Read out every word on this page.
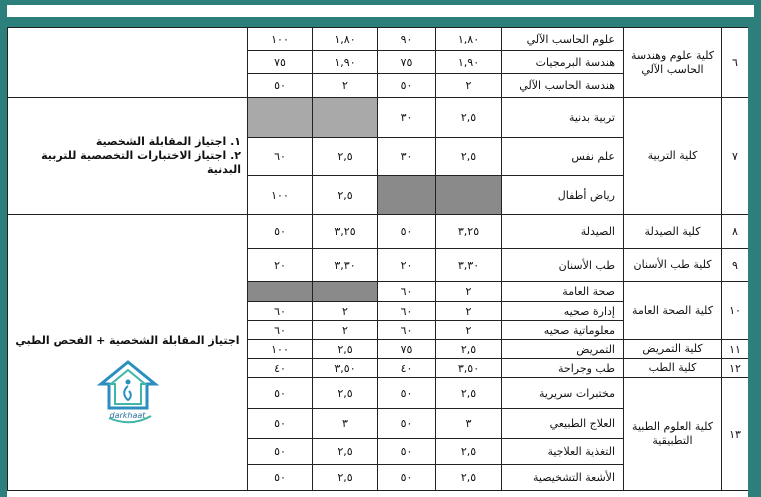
٦	كلية علوم وهندسة الحاسب الآلي	علوم الحاسب الآلي	١,٨٠	٩٠	١,٨٠	١٠٠	
		هندسة البرمجيات	١,٩٠	٧٥	١,٩٠	٧٥	
		هندسة الحاسب الآلي	٢	٥٠	٢	٥٠	
٧	كلية التربية	تربية بدنية	٢,٥	٣٠			١. اجتياز المقابلة الشخصية
٢. اجتياز الاختبارات التخصصية للتربية البدنية

		علم نفس	٢,٥	٣٠	٢,٥	٦٠	
		رياض أطفال			٢,٥	١٠٠	
٨	كلية الصيدلة	الصيدلة	٣,٢٥	٥٠	٣,٢٥	٥٠	اجتياز المقابلة الشخصية + الفحص الطبي
darkhaat

٩	كلية طب الأسنان	طب الأسنان	٣,٣٠	٢٠	٣,٣٠	٢٠	
١٠	كلية الصحة العامة	صحة العامة	٢	٦٠			
		إدارة صحيه	٢	٦٠	٢	٦٠	
		معلوماتية صحيه	٢	٦٠	٢	٦٠	
١١	كلية التمريض	التمريض	٢,٥	٧٥	٢,٥	١٠٠	
١٢	كلية الطب	طب وجراحة	٣,٥٠	٤٠	٣,٥٠	٤٠	
١٣	كلية العلوم الطبية التطبيقية	مختبرات سريرية	٢,٥	٥٠	٢,٥	٥٠	
		العلاج الطبيعي	٣	٥٠	٣	٥٠	
		التغذية العلاجية	٢,٥	٥٠	٢,٥	٥٠	
		الأشعة التشخيصية	٢,٥	٥٠	٢,٥	٥٠	
